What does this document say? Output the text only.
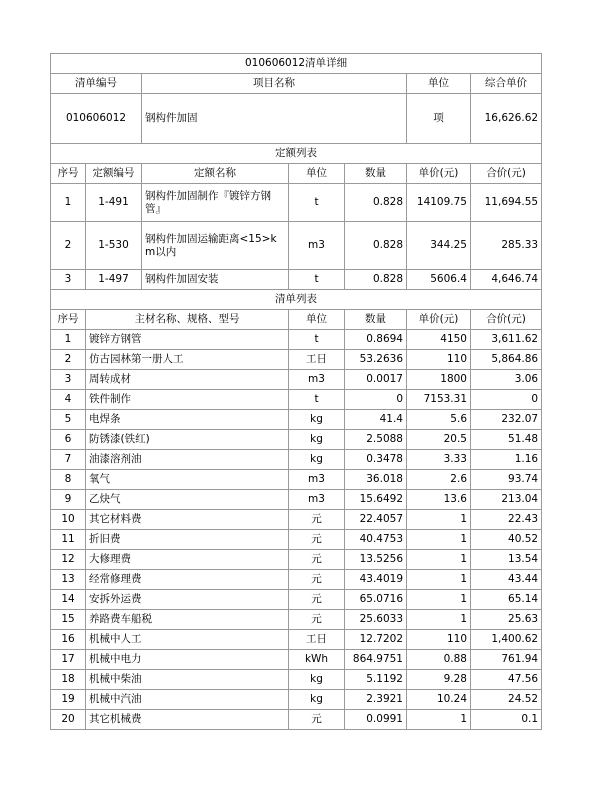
010606012清单详细						
清单编号		项目名称			单位	综合单价
010606012		钢构件加固			项	16,626.62
定额列表						
序号	定额编号	定额名称	单位	数量	单价(元)	合价(元)
1	1-491	钢构件加固制作『镀锌方钢管』	t	0.828	14109.75	11,694.55
2	1-530	钢构件加固运输距离<15>km以内	m3	0.828	344.25	285.33
3	1-497	钢构件加固安装	t	0.828	5606.4	4,646.74
清单列表						
序号	主材名称、规格、型号		单位	数量	单价(元)	合价(元)
1	镀锌方钢管		t	0.8694	4150	3,611.62
2	仿古园林第一册人工		工日	53.2636	110	5,864.86
3	周转成材		m3	0.0017	1800	3.06
4	铁件制作		t	0	7153.31	0
5	电焊条		kg	41.4	5.6	232.07
6	防锈漆(铁红)		kg	2.5088	20.5	51.48
7	油漆溶剂油		kg	0.3478	3.33	1.16
8	氧气		m3	36.018	2.6	93.74
9	乙炔气		m3	15.6492	13.6	213.04
10	其它材料费		元	22.4057	1	22.43
11	折旧费		元	40.4753	1	40.52
12	大修理费		元	13.5256	1	13.54
13	经常修理费		元	43.4019	1	43.44
14	安拆外运费		元	65.0716	1	65.14
15	养路费车船税		元	25.6033	1	25.63
16	机械中人工		工日	12.7202	110	1,400.62
17	机械中电力		kWh	864.9751	0.88	761.94
18	机械中柴油		kg	5.1192	9.28	47.56
19	机械中汽油		kg	2.3921	10.24	24.52
20	其它机械费		元	0.0991	1	0.1
